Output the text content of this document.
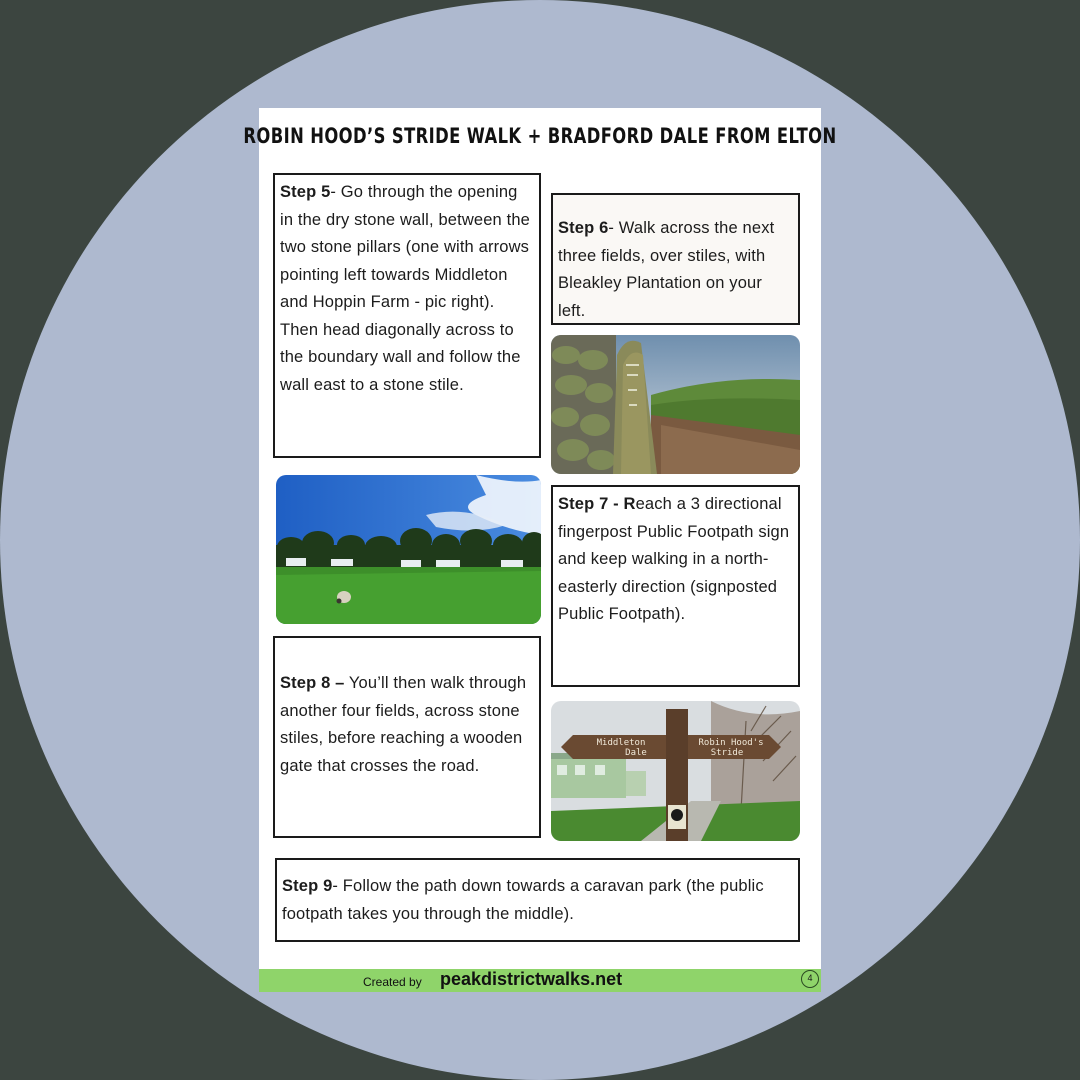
ROBIN HOOD’S STRIDE WALK + BRADFORD DALE FROM ELTON
Step 5- Go through the opening in the dry stone wall, between the two stone pillars (one with arrows pointing left towards Middleton and Hoppin Farm - pic right). Then head diagonally across to the boundary wall and follow the wall east to a stone stile.
Step 6- Walk across the next three fields, over stiles, with Bleakley Plantation on your left.
Step 7 - Reach a 3 directional fingerpost Public Footpath sign and keep walking in a north-easterly direction (signposted Public Footpath).
Step 8 – You’ll then walk through another four fields, across stone stiles, before reaching a wooden gate that crosses the road.
Middleton
Dale
Robin Hood's
Stride
Step 9- Follow the path down towards a caravan park (the public footpath takes you through the middle).
Created by peakdistrictwalks.net	4
